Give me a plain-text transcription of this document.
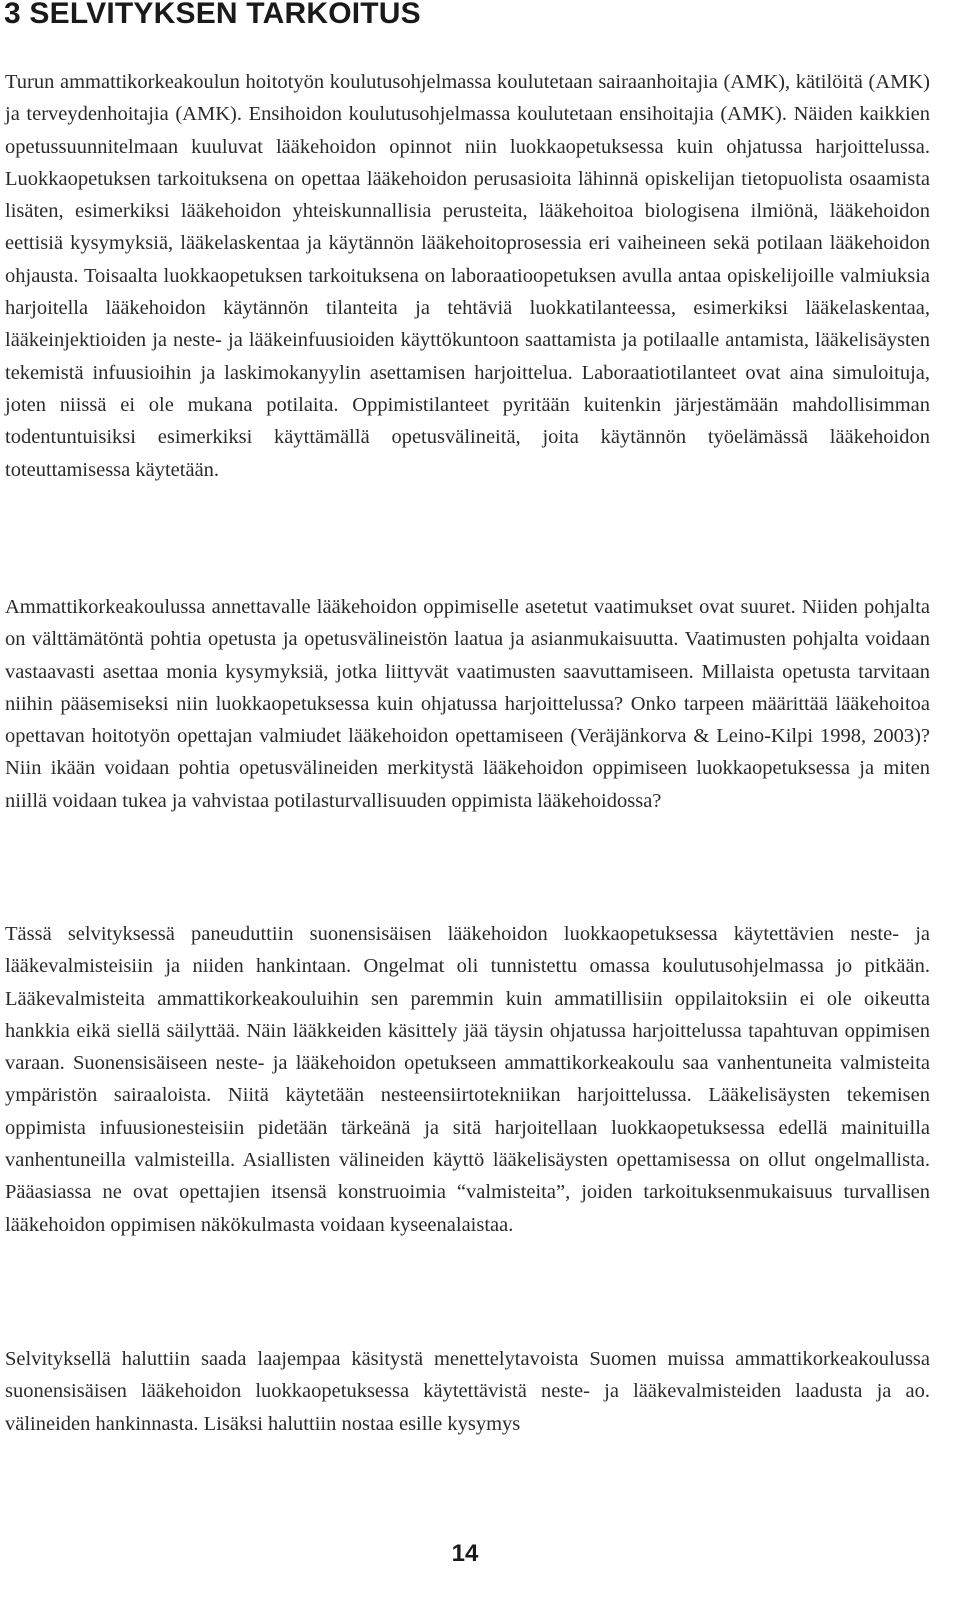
3 SELVITYKSEN TARKOITUS

Turun ammattikorkeakoulun hoitotyön koulutusohjelmassa koulutetaan sairaanhoitajia (AMK), kätilöitä (AMK) ja terveydenhoitajia (AMK). Ensihoidon koulutusohjelmassa koulutetaan ensihoitajia (AMK). Näiden kaikkien opetussuunnitelmaan kuuluvat lääkehoidon opinnot niin luokkaopetuksessa kuin ohjatussa harjoittelussa. Luokkaopetuksen tarkoituksena on opettaa lääkehoidon perusasioita lähinnä opiskelijan tietopuolista osaamista lisäten, esimerkiksi lääkehoidon yhteiskunnallisia perusteita, lääkehoitoa biologisena ilmiönä, lääkehoidon eettisiä kysymyksiä, lääkelaskentaa ja käytännön lääkehoitoprosessia eri vaiheineen sekä potilaan lääkehoidon ohjausta. Toisaalta luokkaopetuksen tarkoituksena on laboraatioopetuksen avulla antaa opiskelijoille valmiuksia harjoitella lääkehoidon käytännön tilanteita ja tehtäviä luokkatilanteessa, esimerkiksi lääkelaskentaa, lääkeinjektioiden ja neste- ja lääkeinfuusioiden käyttökuntoon saattamista ja potilaalle antamista, lääkelisäysten tekemistä infuusioihin ja laskimokanyylin asettamisen harjoittelua. Laboraatiotilanteet ovat aina simuloituja, joten niissä ei ole mukana potilaita. Oppimistilanteet pyritään kuitenkin järjestämään mahdollisimman todentuntuisiksi esimerkiksi käyttämällä opetusvälineitä, joita käytännön työelämässä lääkehoidon toteuttamisessa käytetään.

Ammattikorkeakoulussa annettavalle lääkehoidon oppimiselle asetetut vaatimukset ovat suuret. Niiden pohjalta on välttämätöntä pohtia opetusta ja opetusvälineistön laatua ja asianmukaisuutta. Vaatimusten pohjalta voidaan vastaavasti asettaa monia kysymyksiä, jotka liittyvät vaatimusten saavuttamiseen. Millaista opetusta tarvitaan niihin pääsemiseksi niin luokkaopetuksessa kuin ohjatussa harjoittelussa? Onko tarpeen määrittää lääkehoitoa opettavan hoitotyön opettajan valmiudet lääkehoidon opettamiseen (Veräjänkorva & Leino-Kilpi 1998, 2003)? Niin ikään voidaan pohtia opetusvälineiden merkitystä lääkehoidon oppimiseen luokkaopetuksessa ja miten niillä voidaan tukea ja vahvistaa potilasturvallisuuden oppimista lääkehoidossa?

Tässä selvityksessä paneuduttiin suonensisäisen lääkehoidon luokkaopetuksessa käytettävien neste- ja lääkevalmisteisiin ja niiden hankintaan. Ongelmat oli tunnistettu omassa koulutusohjelmassa jo pitkään. Lääkevalmisteita ammattikorkeakouluihin sen paremmin kuin ammatillisiin oppilaitoksiin ei ole oikeutta hankkia eikä siellä säilyttää. Näin lääkkeiden käsittely jää täysin ohjatussa harjoittelussa tapahtuvan oppimisen varaan. Suonensisäiseen neste- ja lääkehoidon opetukseen ammattikorkeakoulu saa vanhentuneita valmisteita ympäristön sairaaloista. Niitä käytetään nesteensiirtotekniikan harjoittelussa. Lääkelisäysten tekemisen oppimista infuusionesteisiin pidetään tärkeänä ja sitä harjoitellaan luokkaopetuksessa edellä mainituilla vanhentuneilla valmisteilla. Asiallisten välineiden käyttö lääkelisäysten opettamisessa on ollut ongelmallista. Pääasiassa ne ovat opettajien itsensä konstruoimia “valmisteita”, joiden tarkoituksenmukaisuus turvallisen lääkehoidon oppimisen näkökulmasta voidaan kyseenalaistaa.

Selvityksellä haluttiin saada laajempaa käsitystä menettelytavoista Suomen muissa ammattikorkeakoulussa suonensisäisen lääkehoidon luokkaopetuksessa käytettävistä neste- ja lääkevalmisteiden laadusta ja ao. välineiden hankinnasta. Lisäksi haluttiin nostaa esille kysymys

14
